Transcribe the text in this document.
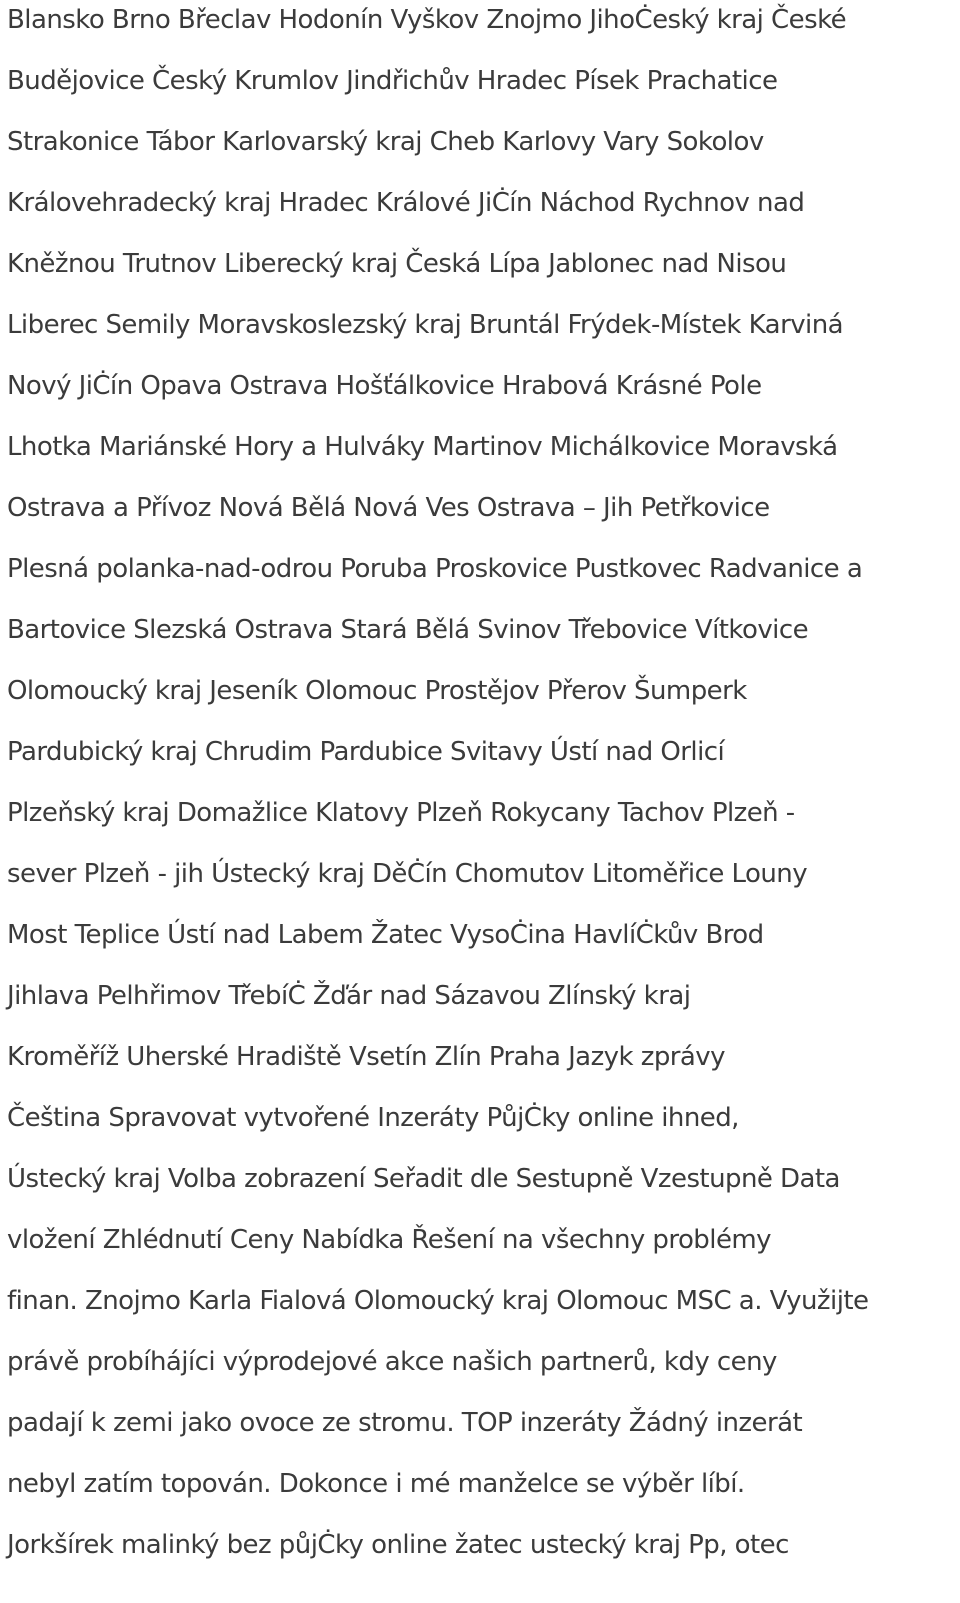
Blansko Brno Břeclav Hodonín Vyškov Znojmo JihoĊeský kraj České
Budějovice Český Krumlov Jindřichův Hradec Písek Prachatice
Strakonice Tábor Karlovarský kraj Cheb Karlovy Vary Sokolov
Královehradecký kraj Hradec Králové JiĊín Náchod Rychnov nad
Kněžnou Trutnov Liberecký kraj Česká Lípa Jablonec nad Nisou
Liberec Semily Moravskoslezský kraj Bruntál Frýdek-Místek Karviná
Nový JiĊín Opava Ostrava Hošťálkovice Hrabová Krásné Pole
Lhotka Mariánské Hory a Hulváky Martinov Michálkovice Moravská
Ostrava a Přívoz Nová Bělá Nová Ves Ostrava – Jih Petřkovice
Plesná polanka-nad-odrou Poruba Proskovice Pustkovec Radvanice a
Bartovice Slezská Ostrava Stará Bělá Svinov Třebovice Vítkovice
Olomoucký kraj Jeseník Olomouc Prostějov Přerov Šumperk
Pardubický kraj Chrudim Pardubice Svitavy Ústí nad Orlicí
Plzeňský kraj Domažlice Klatovy Plzeň Rokycany Tachov Plzeň -
sever Plzeň - jih Ústecký kraj DěĊín Chomutov Litoměřice Louny
Most Teplice Ústí nad Labem Žatec VysoĊina HavlíĊkův Brod
Jihlava Pelhřimov TřebíĊ Žďár nad Sázavou Zlínský kraj
Kroměříž Uherské Hradiště Vsetín Zlín Praha Jazyk zprávy
Čeština Spravovat vytvořené Inzeráty PůjĊky online ihned,
Ústecký kraj Volba zobrazení Seřadit dle Sestupně Vzestupně Data
vložení Zhlédnutí Ceny Nabídka Řešení na všechny problémy
finan. Znojmo Karla Fialová Olomoucký kraj Olomouc MSC a. Využijte
právě probíhájíci výprodejové akce našich partnerů, kdy ceny
padají k zemi jako ovoce ze stromu. TOP inzeráty Žádný inzerát
nebyl zatím topován. Dokonce i mé manželce se výběr líbí.
Jorkšírek malinký bez půjĊky online žatec ustecký kraj Pp, otec
